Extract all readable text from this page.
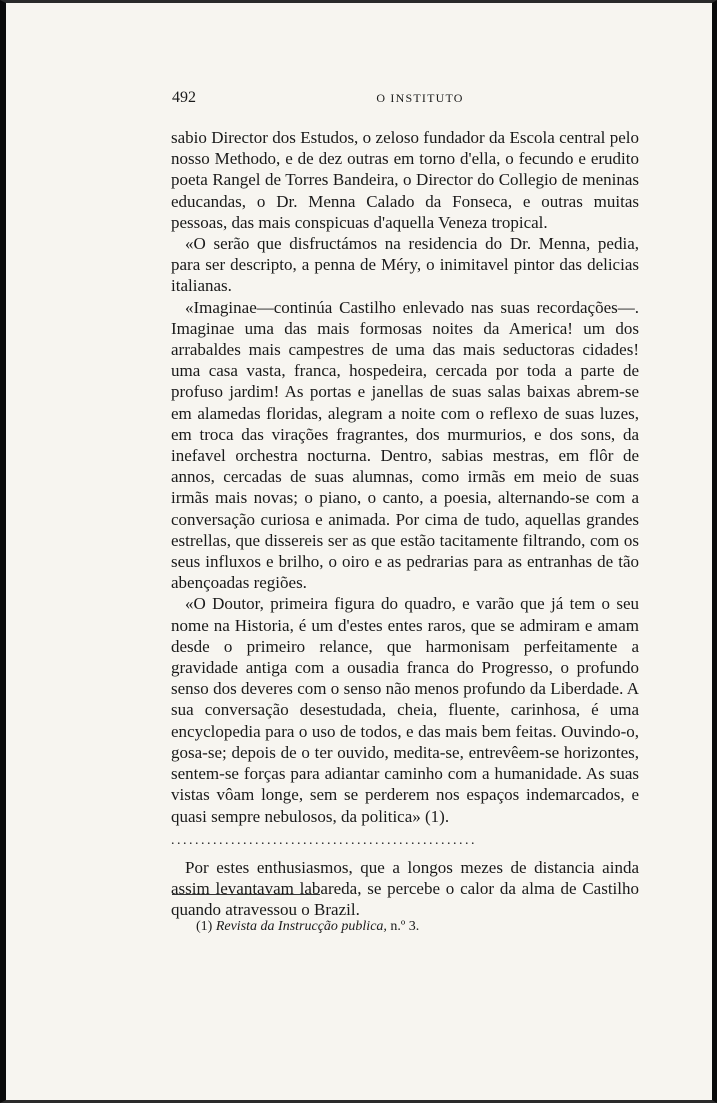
492	O INSTITUTO

sabio Director dos Estudos, o zeloso fundador da Escola central pelo nosso Methodo, e de dez outras em torno d'ella, o fecundo e erudito poeta Rangel de Torres Bandeira, o Director do Collegio de meninas educandas, o Dr. Menna Calado da Fonseca, e outras muitas pessoas, das mais conspicuas d'aquella Veneza tropical.

«O serão que disfructámos na residencia do Dr. Menna, pedia, para ser descripto, a penna de Méry, o inimitavel pintor das delicias italianas.

«Imaginae—continúa Castilho enlevado nas suas recordações—. Imaginae uma das mais formosas noites da America! um dos arrabaldes mais campestres de uma das mais seductoras cidades! uma casa vasta, franca, hospedeira, cercada por toda a parte de profuso jardim! As portas e janellas de suas salas baixas abrem-se em alamedas floridas, alegram a noite com o reflexo de suas luzes, em troca das virações fragrantes, dos murmurios, e dos sons, da inefavel orchestra nocturna. Dentro, sabias mestras, em flôr de annos, cercadas de suas alumnas, como irmãs em meio de suas irmãs mais novas; o piano, o canto, a poesia, alternando-se com a conversação curiosa e animada. Por cima de tudo, aquellas grandes estrellas, que dissereis ser as que estão tacitamente filtrando, com os seus influxos e brilho, o oiro e as pedrarias para as entranhas de tão abençoadas regiões.

«O Doutor, primeira figura do quadro, e varão que já tem o seu nome na Historia, é um d'estes entes raros, que se admiram e amam desde o primeiro relance, que harmonisam perfeitamente a gravidade antiga com a ousadia franca do Progresso, o profundo senso dos deveres com o senso não menos profundo da Liberdade. A sua conversação desestudada, cheia, fluente, carinhosa, é uma encyclopedia para o uso de todos, e das mais bem feitas. Ouvindo-o, gosa-se; depois de o ter ouvido, medita-se, entrevêem-se horizontes, sentem-se forças para adiantar caminho com a humanidade. As suas vistas vôam longe, sem se perderem nos espaços indemarcados, e quasi sempre nebulosos, da politica» (1).

...................................................

Por estes enthusiasmos, que a longos mezes de distancia ainda assim levantavam labareda, se percebe o calor da alma de Castilho quando atravessou o Brazil.

(1) Revista da Instrucção publica, n.º 3.
